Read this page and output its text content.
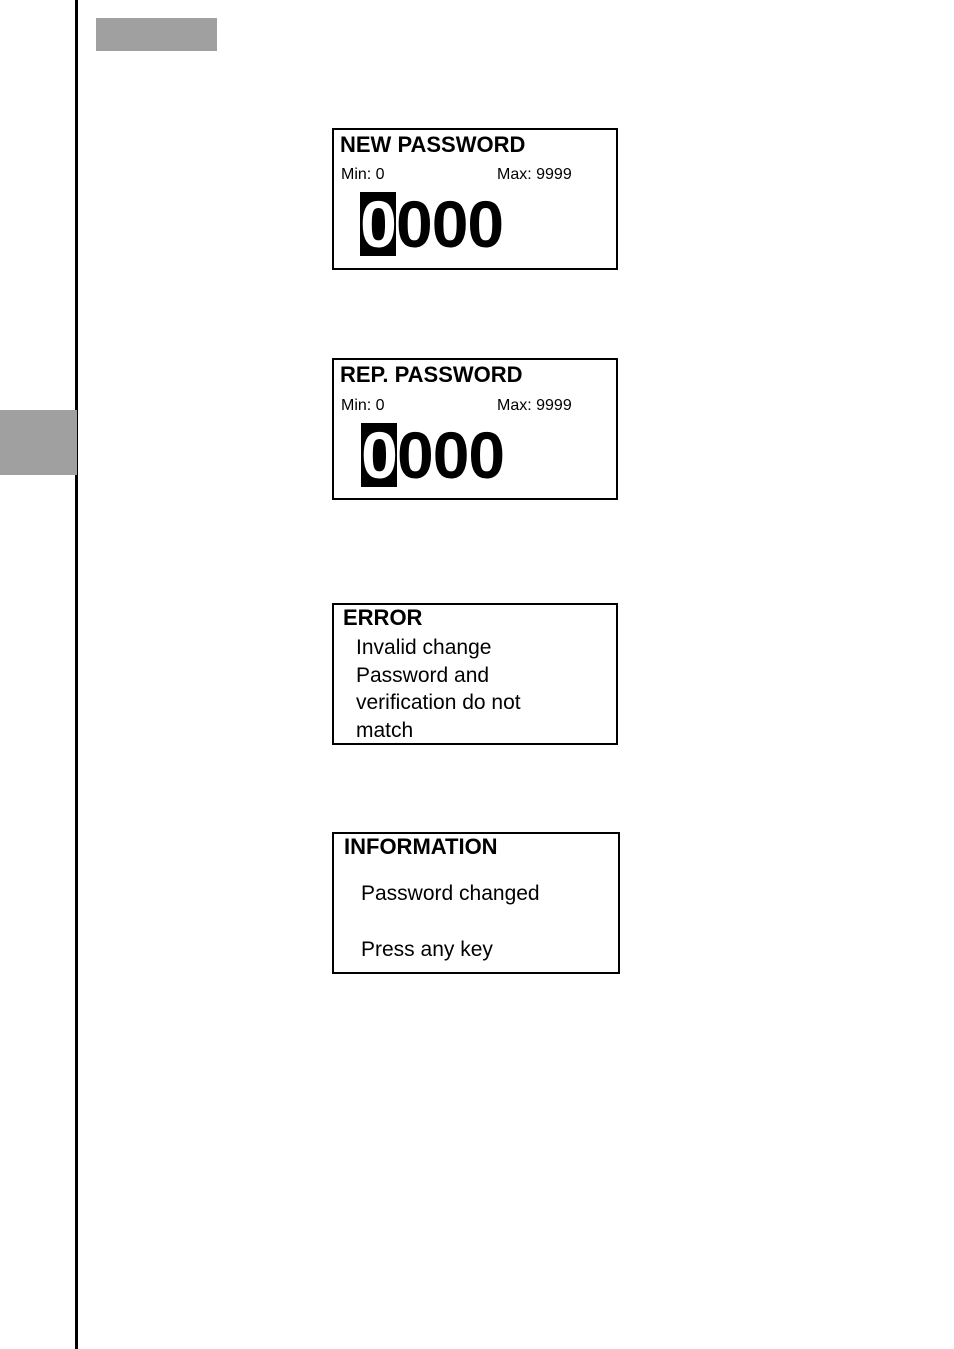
NEW PASSWORD
Min: 0	Max: 9999
0 000
REP. PASSWORD
Min: 0	Max: 9999
0 000
ERROR
Invalid change
Password and
verification do not
match
INFORMATION
Password changed
Press any key
